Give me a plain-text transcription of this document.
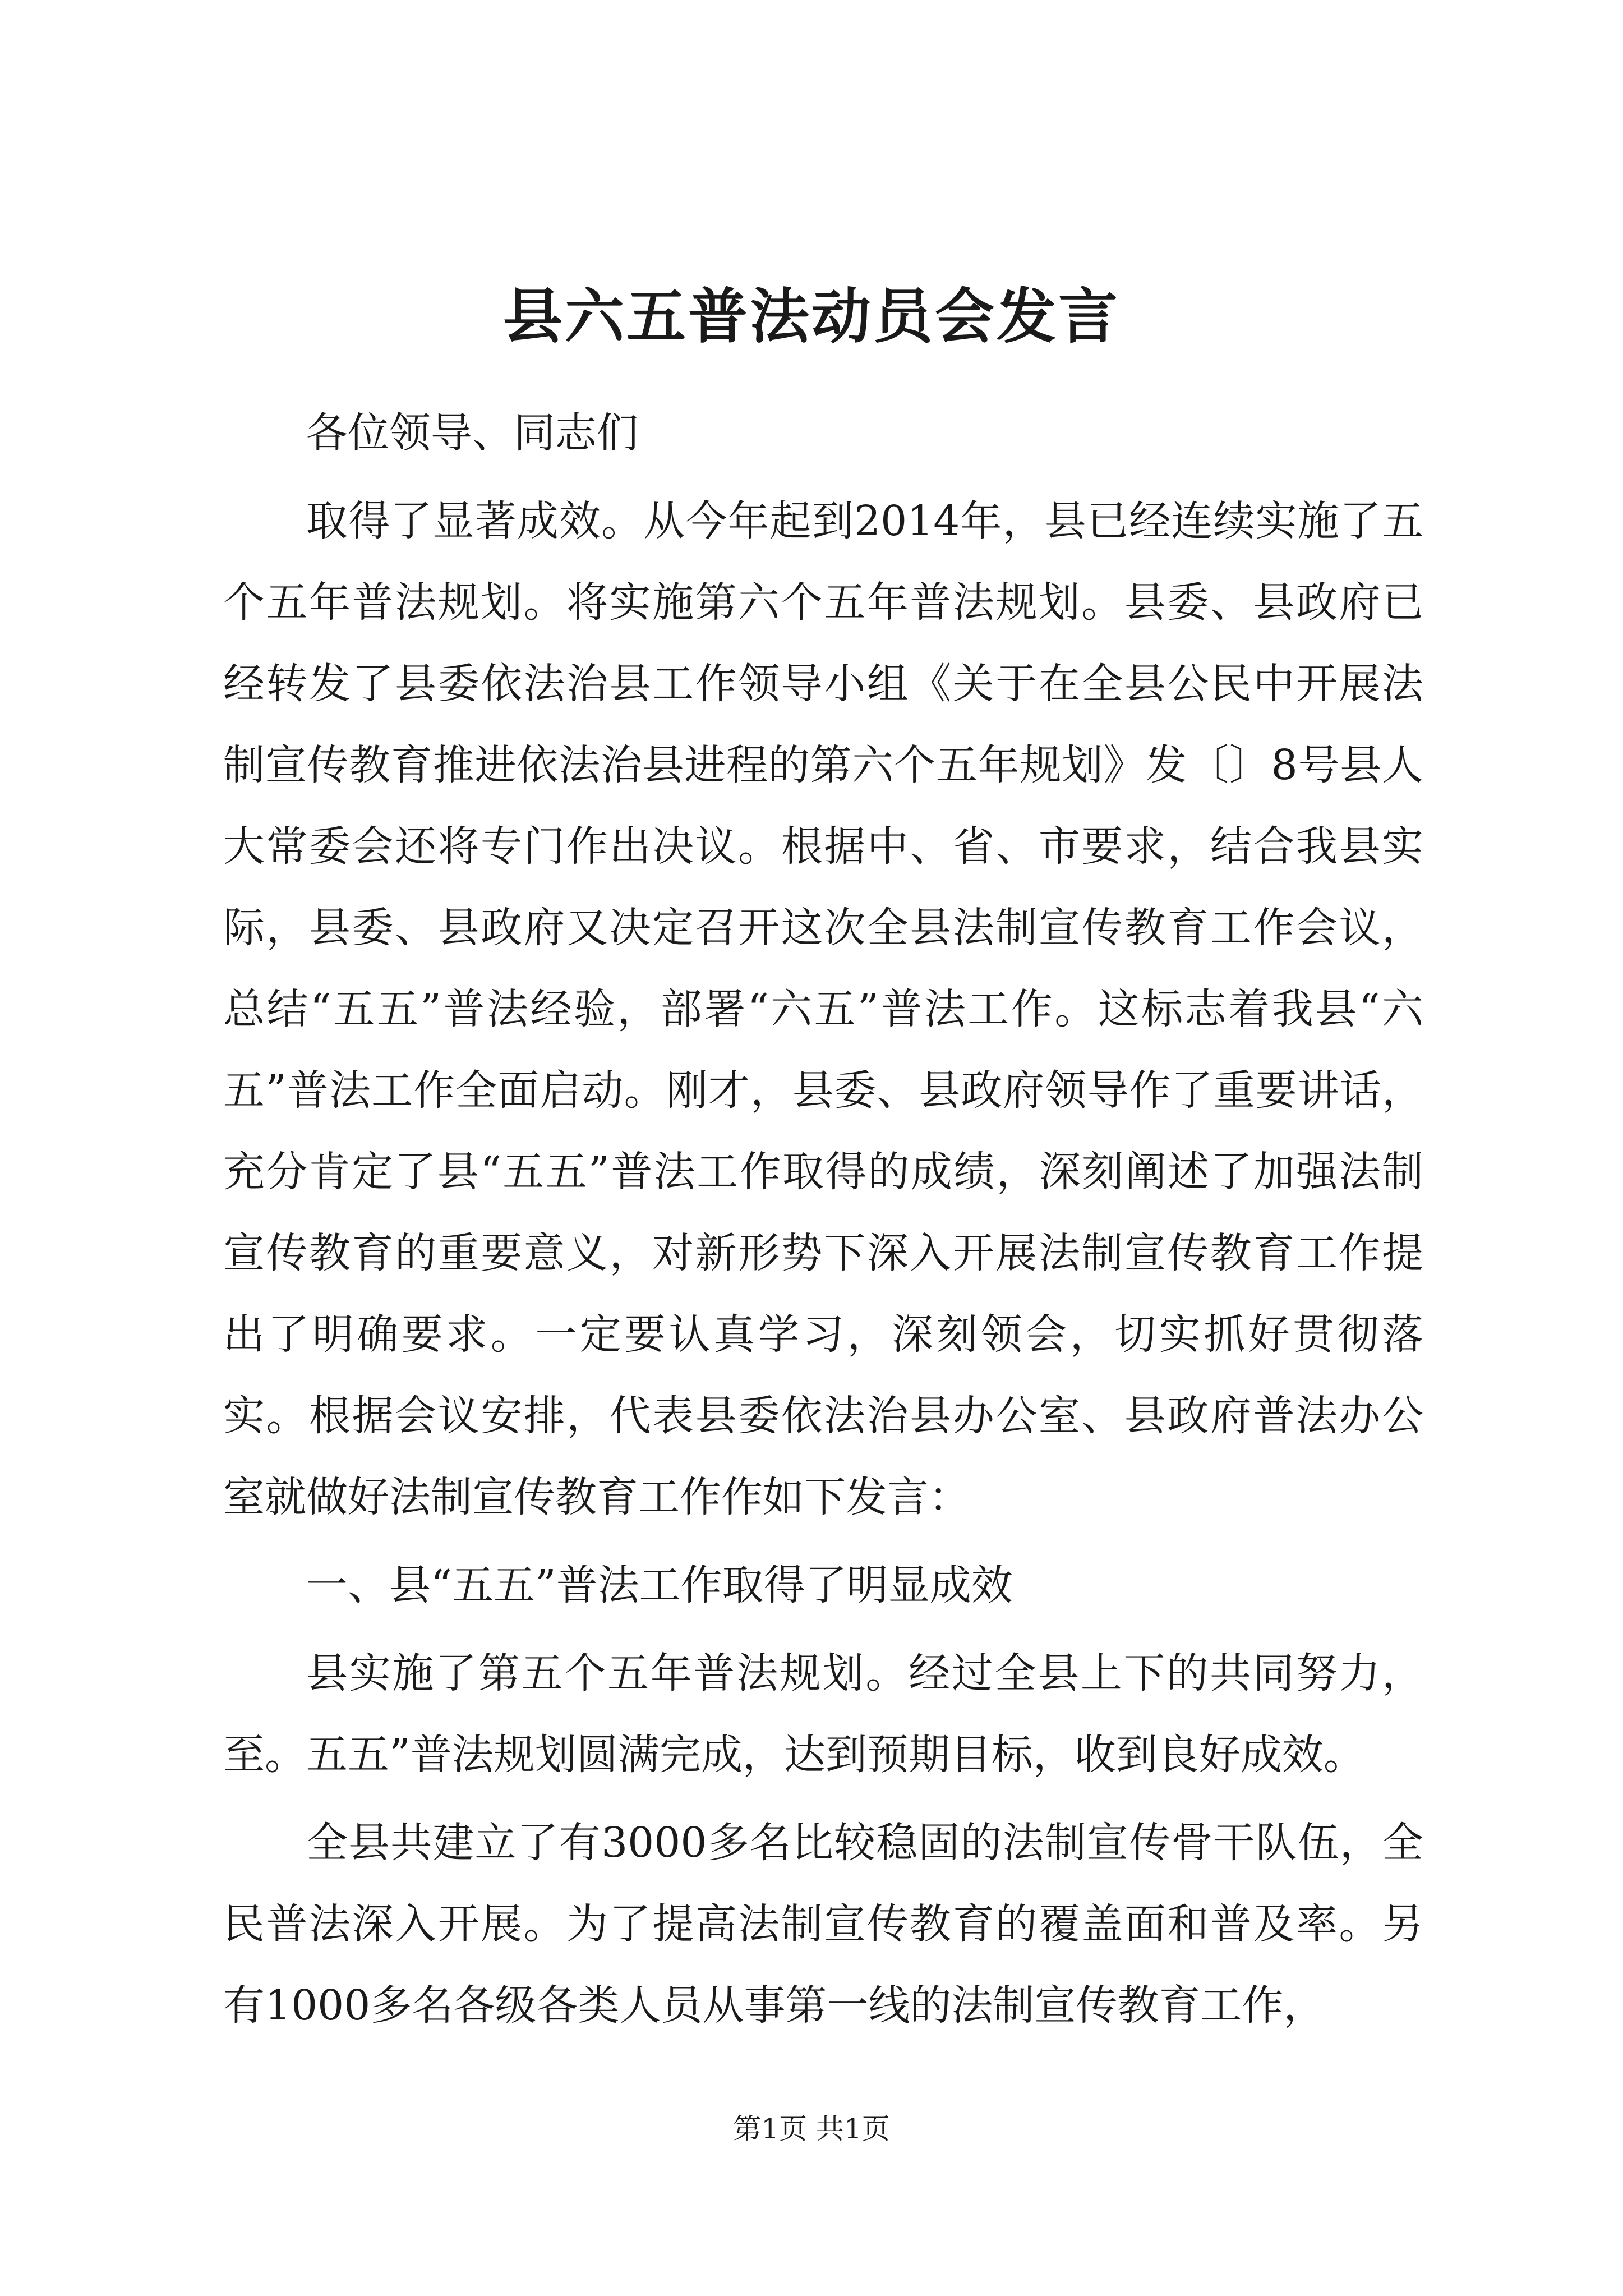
县六五普法动员会发言

各位领导、同志们

取得了显著成效。从今年起到2014年，县已经连续实施了五个五年普法规划。将实施第六个五年普法规划。县委、县政府已经转发了县委依法治县工作领导小组《关于在全县公民中开展法制宣传教育推进依法治县进程的第六个五年规划》发〔〕8号县人大常委会还将专门作出决议。根据中、省、市要求，结合我县实际，县委、县政府又决定召开这次全县法制宣传教育工作会议，总结“五五”普法经验，部署“六五”普法工作。这标志着我县“六五”普法工作全面启动。刚才，县委、县政府领导作了重要讲话，充分肯定了县“五五”普法工作取得的成绩，深刻阐述了加强法制宣传教育的重要意义，对新形势下深入开展法制宣传教育工作提出了明确要求。一定要认真学习，深刻领会，切实抓好贯彻落实。根据会议安排，代表县委依法治县办公室、县政府普法办公室就做好法制宣传教育工作作如下发言：

一、县“五五”普法工作取得了明显成效

县实施了第五个五年普法规划。经过全县上下的共同努力，至。五五”普法规划圆满完成，达到预期目标，收到良好成效。

全县共建立了有3000多名比较稳固的法制宣传骨干队伍，全民普法深入开展。为了提高法制宣传教育的覆盖面和普及率。另有1000多名各级各类人员从事第一线的法制宣传教育工作，

第1页 共1页
